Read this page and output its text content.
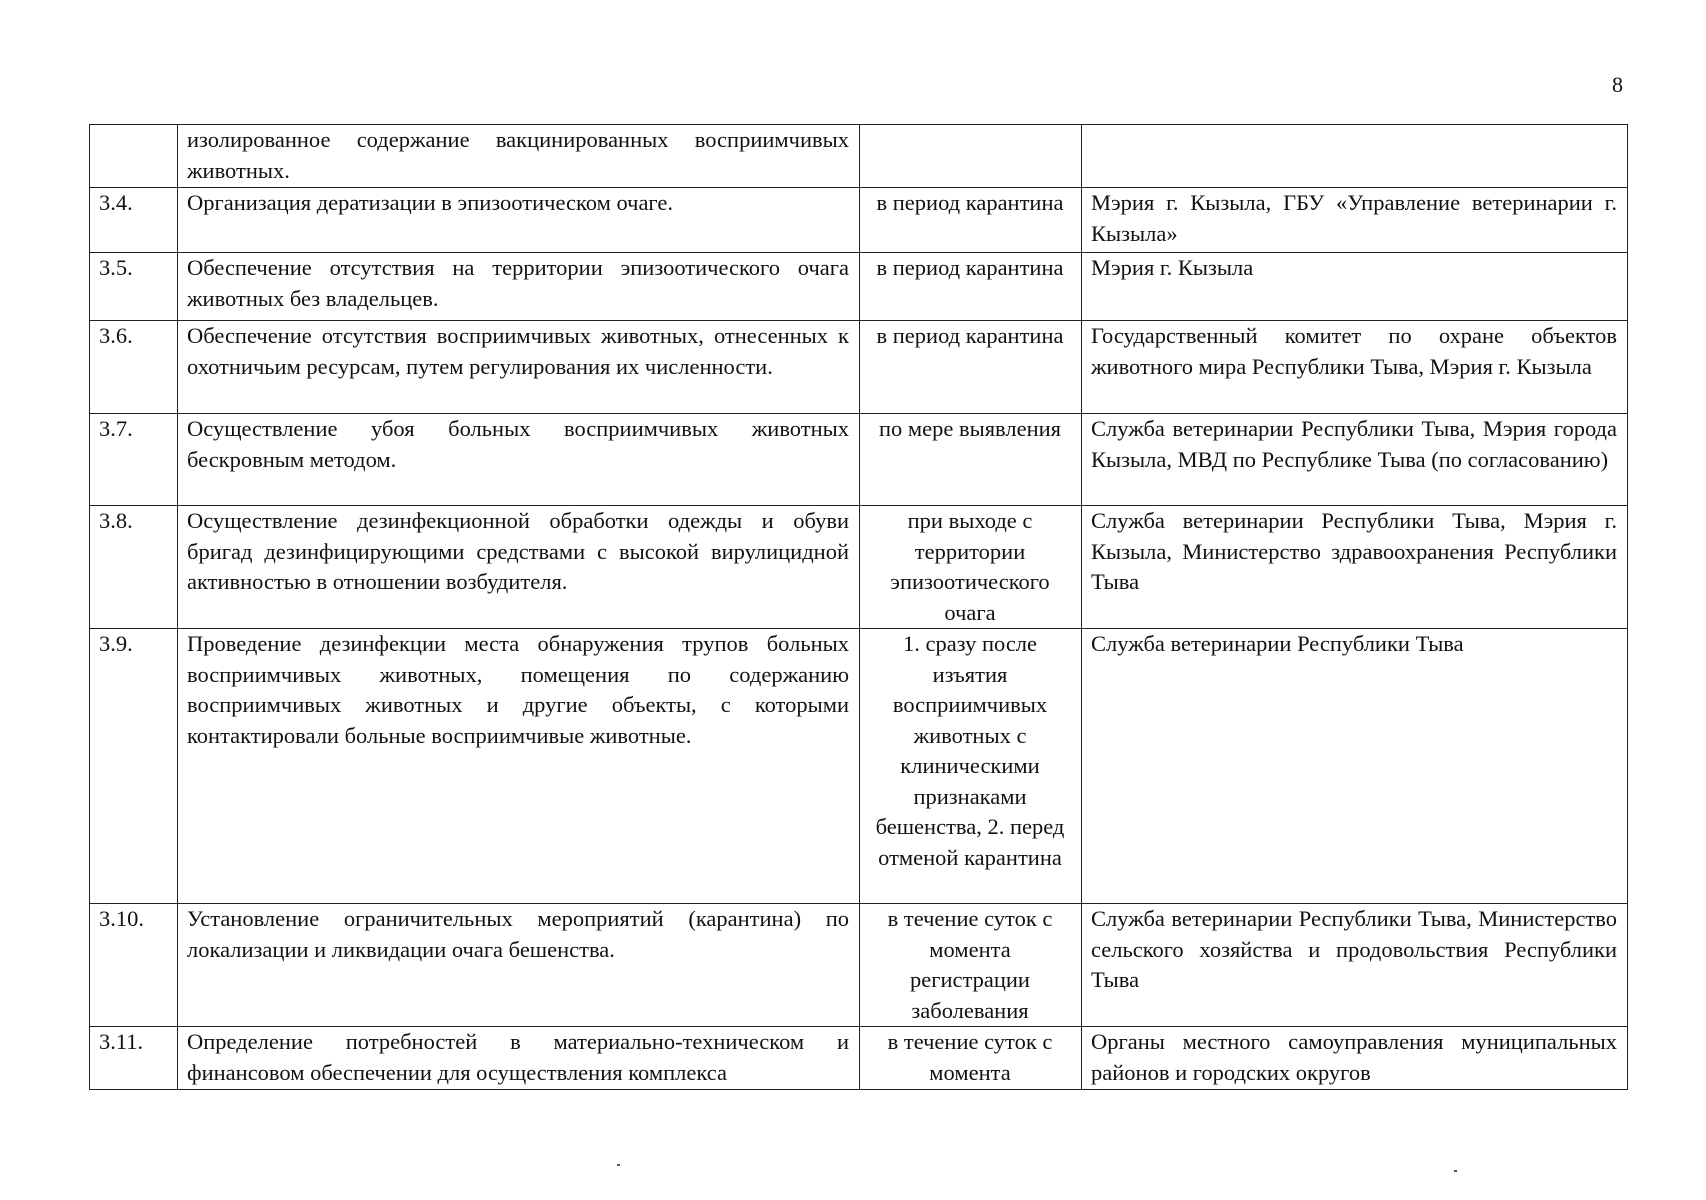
8
	изолированное содержание вакцинированных восприимчивых животных.		
3.4.	Организация дератизации в эпизоотическом очаге.	в период карантина	Мэрия г. Кызыла, ГБУ «Управление ветеринарии г. Кызыла»
3.5.	Обеспечение отсутствия на территории эпизоотического очага животных без владельцев.	в период карантина	Мэрия г. Кызыла
3.6.	Обеспечение отсутствия восприимчивых животных, отнесенных к охотничьим ресурсам, путем регулирования их численности.	в период карантина	Государственный комитет по охране объектов животного мира Республики Тыва, Мэрия г. Кызыла
3.7.	Осуществление убоя больных восприимчивых животных бескровным методом.	по мере выявления	Служба ветеринарии Республики Тыва, Мэрия города Кызыла, МВД по Республике Тыва (по согласованию)
3.8.	Осуществление дезинфекционной обработки одежды и обуви бригад дезинфицирующими средствами с высокой вирулицидной активностью в отношении возбудителя.	при выходе с территории эпизоотического очага	Служба ветеринарии Республики Тыва, Мэрия г. Кызыла, Министерство здравоохранения Республики Тыва
3.9.	Проведение дезинфекции места обнаружения трупов больных восприимчивых животных, помещения по содержанию восприимчивых животных и другие объекты, с которыми контактировали больные восприимчивые животные.	1. сразу после изъятия восприимчивых животных с клиническими признаками бешенства, 2. перед отменой карантина	Служба ветеринарии Республики Тыва
3.10.	Установление ограничительных мероприятий (карантина) по локализации и ликвидации очага бешенства.	в течение суток с момента регистрации заболевания	Служба ветеринарии Республики Тыва, Министерство сельского хозяйства и продовольствия Республики Тыва
3.11.	Определение потребностей в материально-техническом и финансовом обеспечении для осуществления комплекса	в течение суток с момента	Органы местного самоуправления муниципальных районов и городских округов
